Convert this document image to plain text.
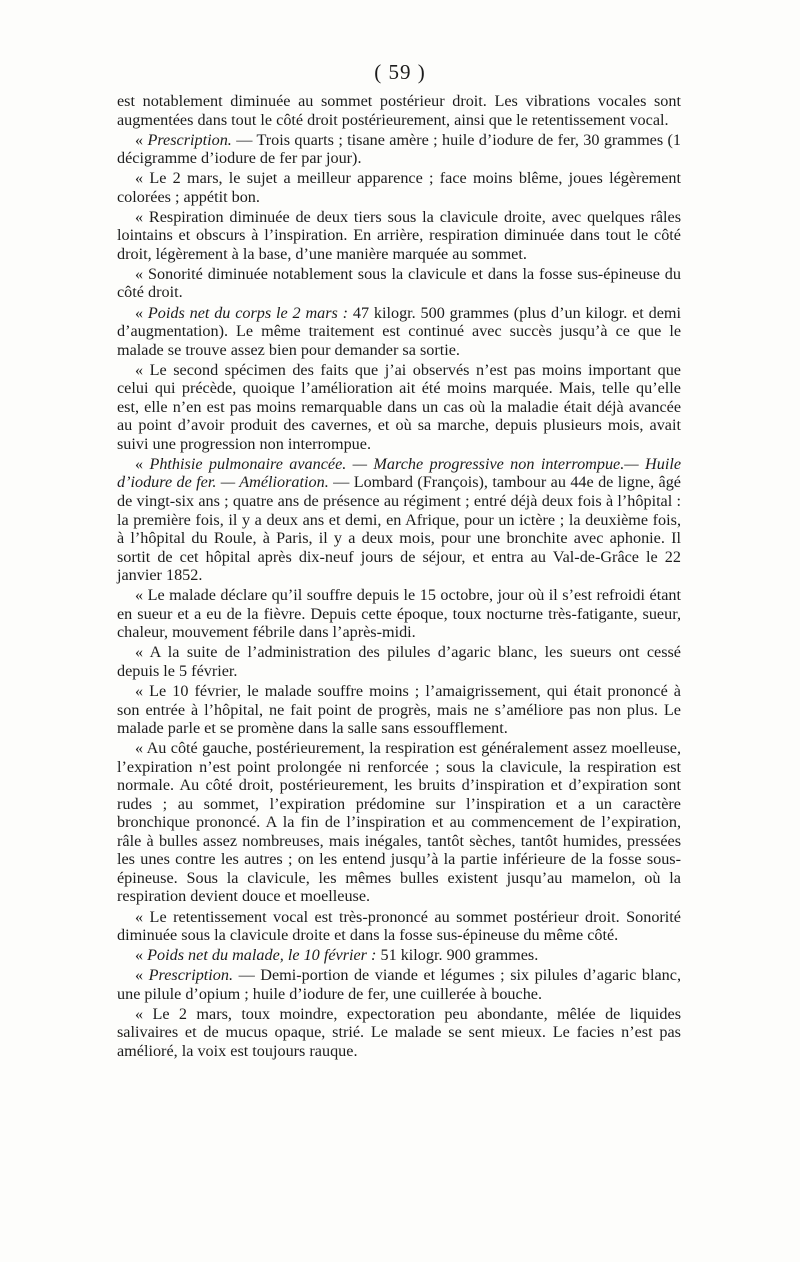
( 59 )

est notablement diminuée au sommet postérieur droit. Les vibrations vocales sont augmentées dans tout le côté droit postérieurement, ainsi que le retentissement vocal.

« Prescription. — Trois quarts ; tisane amère ; huile d’iodure de fer, 30 grammes (1 décigramme d’iodure de fer par jour).

« Le 2 mars, le sujet a meilleur apparence ; face moins blême, joues légèrement colorées ; appétit bon.

« Respiration diminuée de deux tiers sous la clavicule droite, avec quelques râles lointains et obscurs à l’inspiration. En arrière, respiration diminuée dans tout le côté droit, légèrement à la base, d’une manière marquée au sommet.

« Sonorité diminuée notablement sous la clavicule et dans la fosse sus-épineuse du côté droit.

« Poids net du corps le 2 mars : 47 kilogr. 500 grammes (plus d’un kilogr. et demi d’augmentation). Le même traitement est continué avec succès jusqu’à ce que le malade se trouve assez bien pour demander sa sortie.

« Le second spécimen des faits que j’ai observés n’est pas moins important que celui qui précède, quoique l’amélioration ait été moins marquée. Mais, telle qu’elle est, elle n’en est pas moins remarquable dans un cas où la maladie était déjà avancée au point d’avoir produit des cavernes, et où sa marche, depuis plusieurs mois, avait suivi une progression non interrompue.

« Phthisie pulmonaire avancée. — Marche progressive non interrompue.— Huile d’iodure de fer. — Amélioration. — Lombard (François), tambour au 44e de ligne, âgé de vingt-six ans ; quatre ans de présence au régiment ; entré déjà deux fois à l’hôpital : la première fois, il y a deux ans et demi, en Afrique, pour un ictère ; la deuxième fois, à l’hôpital du Roule, à Paris, il y a deux mois, pour une bronchite avec aphonie. Il sortit de cet hôpital après dix-neuf jours de séjour, et entra au Val-de-Grâce le 22 janvier 1852.

« Le malade déclare qu’il souffre depuis le 15 octobre, jour où il s’est refroidi étant en sueur et a eu de la fièvre. Depuis cette époque, toux nocturne très-fatigante, sueur, chaleur, mouvement fébrile dans l’après-midi.

« A la suite de l’administration des pilules d’agaric blanc, les sueurs ont cessé depuis le 5 février.

« Le 10 février, le malade souffre moins ; l’amaigrissement, qui était prononcé à son entrée à l’hôpital, ne fait point de progrès, mais ne s’améliore pas non plus. Le malade parle et se promène dans la salle sans essoufflement.

« Au côté gauche, postérieurement, la respiration est généralement assez moelleuse, l’expiration n’est point prolongée ni renforcée ; sous la clavicule, la respiration est normale. Au côté droit, postérieurement, les bruits d’inspiration et d’expiration sont rudes ; au sommet, l’expiration prédomine sur l’inspiration et a un caractère bronchique prononcé. A la fin de l’inspiration et au commencement de l’expiration, râle à bulles assez nombreuses, mais inégales, tantôt sèches, tantôt humides, pressées les unes contre les autres ; on les entend jusqu’à la partie inférieure de la fosse sous-épineuse. Sous la clavicule, les mêmes bulles existent jusqu’au mamelon, où la respiration devient douce et moelleuse.

« Le retentissement vocal est très-prononcé au sommet postérieur droit. Sonorité diminuée sous la clavicule droite et dans la fosse sus-épineuse du même côté.

« Poids net du malade, le 10 février : 51 kilogr. 900 grammes.

« Prescription. — Demi-portion de viande et légumes ; six pilules d’agaric blanc, une pilule d’opium ; huile d’iodure de fer, une cuillerée à bouche.

« Le 2 mars, toux moindre, expectoration peu abondante, mêlée de liquides salivaires et de mucus opaque, strié. Le malade se sent mieux. Le facies n’est pas amélioré, la voix est toujours rauque.
